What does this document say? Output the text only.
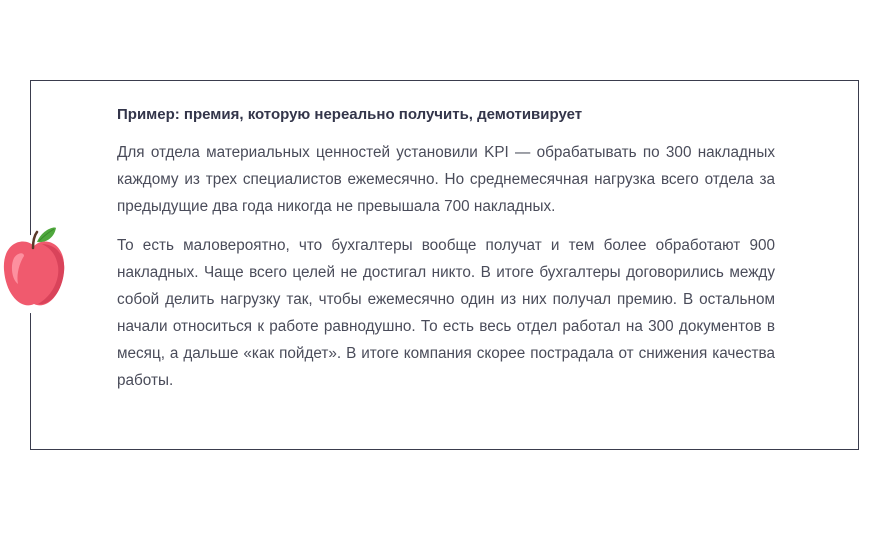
Пример: премия, которую нереально получить, демотивирует

Для отдела материальных ценностей установили KPI — обрабатывать по 300 накладных каждому из трех специалистов ежемесячно. Но среднемесячная нагрузка всего отдела за предыдущие два года никогда не превышала 700 накладных.

То есть маловероятно, что бухгалтеры вообще получат и тем более обработают 900 накладных. Чаще всего целей не достигал никто. В итоге бухгалтеры договорились между собой делить нагрузку так, чтобы ежемесячно один из них получал премию. В остальном начали относиться к работе равнодушно. То есть весь отдел работал на 300 документов в месяц, а дальше «как пойдет». В итоге компания скорее пострадала от снижения качества работы.
